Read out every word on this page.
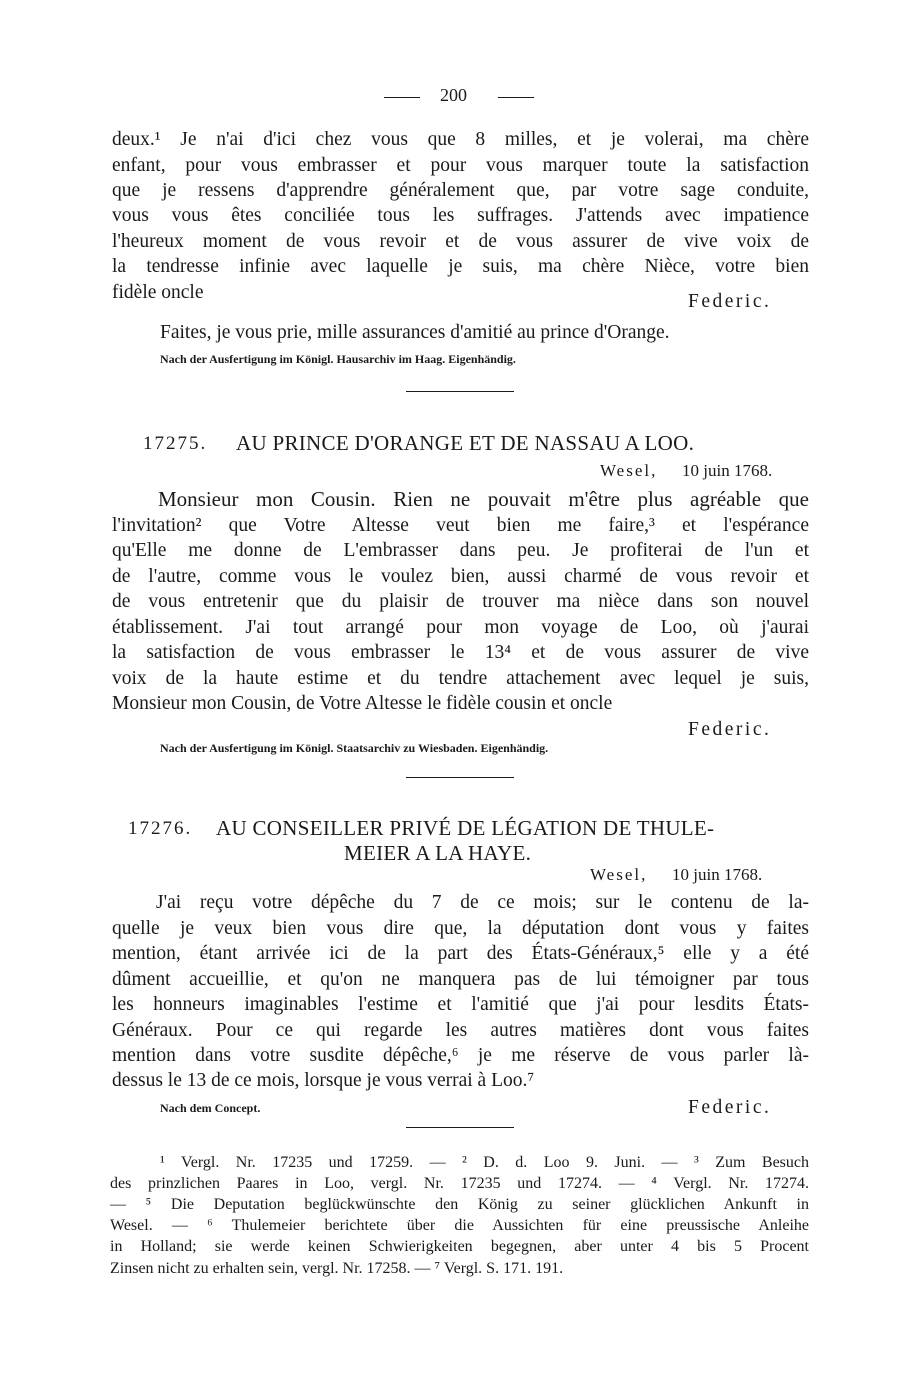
200
deux.¹ Je n'ai d'ici chez vous que 8 milles, et je volerai, ma chère
enfant, pour vous embrasser et pour vous marquer toute la satisfaction
que je ressens d'apprendre généralement que, par votre sage conduite,
vous vous êtes conciliée tous les suffrages. J'attends avec impatience
l'heureux moment de vous revoir et de vous assurer de vive voix de
la tendresse infinie avec laquelle je suis, ma chère Nièce, votre bien
fidèle oncle	Federic.
Faites, je vous prie, mille assurances d'amitié au prince d'Orange.
Nach der Ausfertigung im Königl. Hausarchiv im Haag. Eigenhändig.
17275. AU PRINCE D'ORANGE ET DE NASSAU A LOO.
Wesel, 10 juin 1768.
Monsieur mon Cousin. Rien ne pouvait m'être plus agréable que
l'invitation² que Votre Altesse veut bien me faire,³ et l'espérance
qu'Elle me donne de L'embrasser dans peu. Je profiterai de l'un et
de l'autre, comme vous le voulez bien, aussi charmé de vous revoir et
de vous entretenir que du plaisir de trouver ma nièce dans son nouvel
établissement. J'ai tout arrangé pour mon voyage de Loo, où j'aurai
la satisfaction de vous embrasser le 13⁴ et de vous assurer de vive
voix de la haute estime et du tendre attachement avec lequel je suis,
Monsieur mon Cousin, de Votre Altesse le fidèle cousin et oncle
Federic.
Nach der Ausfertigung im Königl. Staatsarchiv zu Wiesbaden. Eigenhändig.
17276. AU CONSEILLER PRIVÉ DE LÉGATION DE THULE-
MEIER A LA HAYE.
Wesel, 10 juin 1768.
J'ai reçu votre dépêche du 7 de ce mois; sur le contenu de la-
quelle je veux bien vous dire que, la députation dont vous y faites
mention, étant arrivée ici de la part des États-Généraux,⁵ elle y a été
dûment accueillie, et qu'on ne manquera pas de lui témoigner par tous
les honneurs imaginables l'estime et l'amitié que j'ai pour lesdits États-
Généraux. Pour ce qui regarde les autres matières dont vous faites
mention dans votre susdite dépêche,⁶ je me réserve de vous parler là-
dessus le 13 de ce mois, lorsque je vous verrai à Loo.⁷
Nach dem Concept.	Federic.
¹ Vergl. Nr. 17235 und 17259. — ² D. d. Loo 9. Juni. — ³ Zum Besuch
des prinzlichen Paares in Loo, vergl. Nr. 17235 und 17274. — ⁴ Vergl. Nr. 17274.
— ⁵ Die Deputation beglückwünschte den König zu seiner glücklichen Ankunft in
Wesel. — ⁶ Thulemeier berichtete über die Aussichten für eine preussische Anleihe
in Holland; sie werde keinen Schwierigkeiten begegnen, aber unter 4 bis 5 Procent
Zinsen nicht zu erhalten sein, vergl. Nr. 17258. — ⁷ Vergl. S. 171. 191.
